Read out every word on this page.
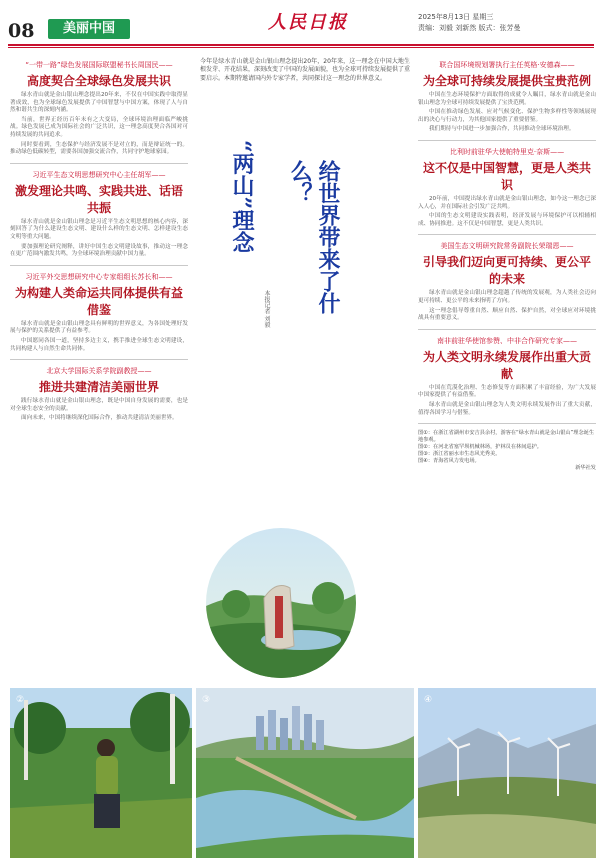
08	美丽中国	人民日报	2025年8月13日 星期三
责编：刘毅 刘新然 版式：张芳曼
“一带一路”绿色发展国际联盟秘书长周国民——
高度契合全球绿色发展共识

绿水青山就是金山银山理念提出20年来，不仅在中国实践中取得显著成效，也为全球绿色发展提供了中国智慧与中国方案，体现了人与自然和谐共生的深刻内涵。

当前，世界正经历百年未有之大变局，全球环境治理面临严峻挑战。绿色发展已成为国际社会的广泛共识，这一理念高度契合各国对可持续发展的共同追求。

同时要看到，生态保护与经济发展不是对立的，而是辩证统一的。推动绿色低碳转型，需要各国加强交流合作，共同守护地球家园。

习近平生态文明思想研究中心主任胡军——
激发理论共鸣、实践共进、话语共振

绿水青山就是金山银山理念是习近平生态文明思想的核心内容，深刻回答了为什么建设生态文明、建设什么样的生态文明、怎样建设生态文明等重大问题。

要加强理论研究阐释，讲好中国生态文明建设故事，推动这一理念在更广范围内激发共鸣，为全球环境治理贡献中国力量。

习近平外交思想研究中心专家组组长苏长和——
为构建人类命运共同体提供有益借鉴

绿水青山就是金山银山理念具有鲜明的世界意义，为各国处理好发展与保护的关系提供了有益参考。

中国愿同各国一道，坚持多边主义，携手推进全球生态文明建设，共同构建人与自然生命共同体。

北京大学国际关系学院副教授——
推进共建清洁美丽世界

践行绿水青山就是金山银山理念，既是中国自身发展的需要，也是对全球生态安全的贡献。

面向未来，中国将继续深化国际合作，推动共建清洁美丽世界。

今年是绿水青山就是金山银山理念提出20年，20年来，这一理念在中国大地生根发芽、开花结果，深刻改变了中国的发展面貌，也为全球可持续发展提供了重要启示。本期特邀请国内外专家学者，共同探讨这一理念的世界意义。

给世界带来了什么？
本报记者 刘毅
“两山”理念
联合国环境规划署执行主任英格·安德森——
为全球可持续发展提供宝贵范例

中国在生态环境保护方面取得的成就令人瞩目，绿水青山就是金山银山理念为全球可持续发展提供了宝贵范例。

中国在推动绿色发展、应对气候变化、保护生物多样性等领域展现出的决心与行动力，为其他国家提供了重要借鉴。

我们期待与中国进一步加强合作，共同推动全球环境治理。

比利时前驻华大使帕特里克·奈斯——
这不仅是中国智慧，更是人类共识

20年前，中国提出绿水青山就是金山银山理念，如今这一理念已深入人心，并在国际社会引发广泛共鸣。

中国的生态文明建设实践表明，经济发展与环境保护可以相辅相成、协同推进。这不仅是中国智慧，更是人类共识。

美国生态文明研究院常务副院长荣瑞恩——
引导我们迈向更可持续、更公平的未来

绿水青山就是金山银山理念超越了传统的发展观，为人类社会迈向更可持续、更公平的未来指明了方向。

这一理念倡导尊重自然、顺应自然、保护自然，对全球应对环境挑战具有重要意义。

南非前驻华使馆参赞、中非合作研究专家——
为人类文明永续发展作出重大贡献

中国在荒漠化治理、生态修复等方面积累了丰富经验，为广大发展中国家提供了有益借鉴。

绿水青山就是金山银山理念为人类文明永续发展作出了重大贡献，值得各国学习与借鉴。

图①：在浙江省湖州市安吉县余村，游客在“绿水青山就是金山银山”理念诞生地参观。
图②：在河北省塞罕坝机械林场，护林员在林间巡护。
图③：浙江省丽水市生态风光秀美。
图④：青海省风力发电场。
新华社发
②	③	④
